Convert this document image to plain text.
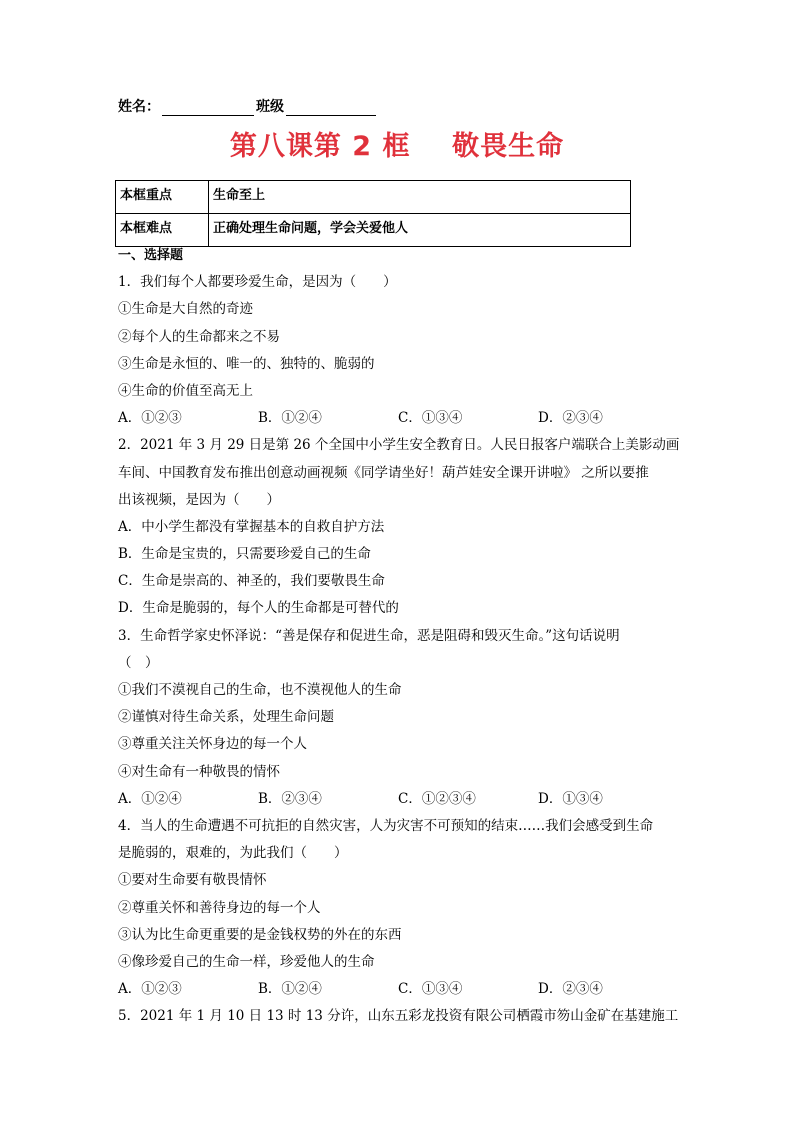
姓名：	班级
第八课第 2 框    敬畏生命
本框重点	生命至上
本框难点	正确处理生命问题，学会关爱他人
一、选择题
1．我们每个人都要珍爱生命，是因为（　　）
①生命是大自然的奇迹
②每个人的生命都来之不易
③生命是永恒的、唯一的、独特的、脆弱的
④生命的价值至高无上
A．①②③	B．①②④	C．①③④	D．②③④
2．2021 年 3 月 29 日是第 26 个全国中小学生安全教育日。人民日报客户端联合上美影动画
车间、中国教育发布推出创意动画视频《同学请坐好！葫芦娃安全课开讲啦》 之所以要推
出该视频，是因为（　　）
A．中小学生都没有掌握基本的自救自护方法
B．生命是宝贵的，只需要珍爱自己的生命
C．生命是崇高的、神圣的，我们要敬畏生命
D．生命是脆弱的，每个人的生命都是可替代的
3．生命哲学家史怀泽说：“善是保存和促进生命，恶是阻碍和毁灭生命。”这句话说明
（　）
①我们不漠视自己的生命，也不漠视他人的生命
②谨慎对待生命关系，处理生命问题
③尊重关注关怀身边的每一个人
④对生命有一种敬畏的情怀
A．①②④	B．②③④	C．①②③④	D．①③④
4．当人的生命遭遇不可抗拒的自然灾害，人为灾害不可预知的结束……我们会感受到生命
是脆弱的，艰难的，为此我们（　　）
①要对生命要有敬畏情怀
②尊重关怀和善待身边的每一个人
③认为比生命更重要的是金钱权势的外在的东西
④像珍爱自己的生命一样，珍爱他人的生命
A．①②③	B．①②④	C．①③④	D．②③④
5．2021 年 1 月 10 日 13 时 13 分许，山东五彩龙投资有限公司栖霞市笏山金矿在基建施工
